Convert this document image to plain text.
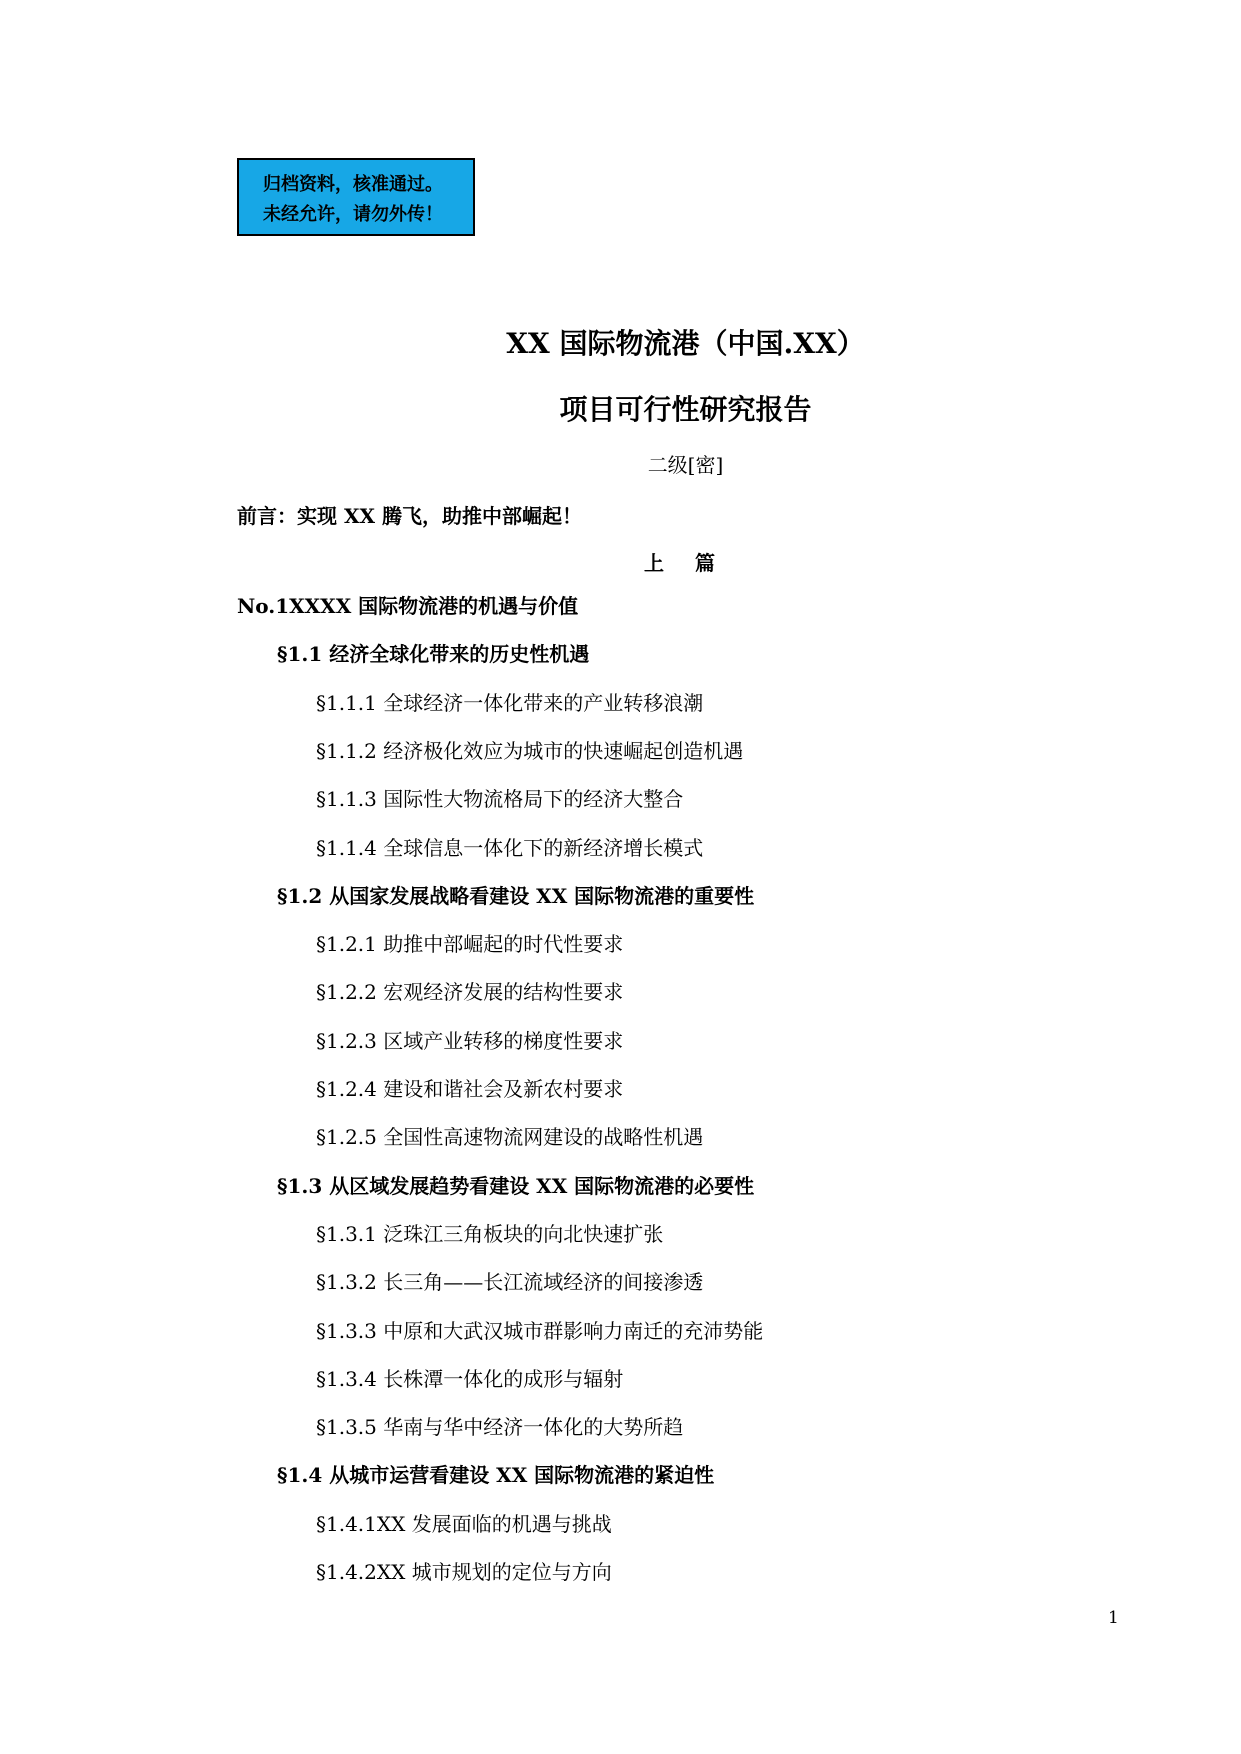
归档资料，核准通过。
未经允许，请勿外传！
XX 国际物流港（中国.XX）
项目可行性研究报告
二级[密]
前言：实现 XX 腾飞，助推中部崛起！
上 篇
No.1XXXX 国际物流港的机遇与价值
§1.1 经济全球化带来的历史性机遇
§1.1.1 全球经济一体化带来的产业转移浪潮
§1.1.2 经济极化效应为城市的快速崛起创造机遇
§1.1.3 国际性大物流格局下的经济大整合
§1.1.4 全球信息一体化下的新经济增长模式
§1.2 从国家发展战略看建设 XX 国际物流港的重要性
§1.2.1 助推中部崛起的时代性要求
§1.2.2 宏观经济发展的结构性要求
§1.2.3 区域产业转移的梯度性要求
§1.2.4 建设和谐社会及新农村要求
§1.2.5 全国性高速物流网建设的战略性机遇
§1.3 从区域发展趋势看建设 XX 国际物流港的必要性
§1.3.1 泛珠江三角板块的向北快速扩张
§1.3.2 长三角——长江流域经济的间接渗透
§1.3.3 中原和大武汉城市群影响力南迁的充沛势能
§1.3.4 长株潭一体化的成形与辐射
§1.3.5 华南与华中经济一体化的大势所趋
§1.4 从城市运营看建设 XX 国际物流港的紧迫性
§1.4.1XX 发展面临的机遇与挑战
§1.4.2XX 城市规划的定位与方向
1
